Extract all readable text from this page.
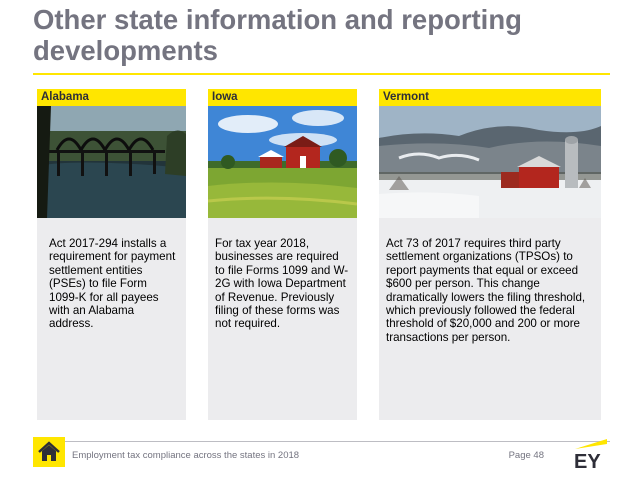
Other state information and reporting developments
Alabama

Act 2017-294 installs a requirement for payment settlement entities (PSEs) to file Form 1099-K for all payees with an Alabama address.

Iowa

For tax year 2018, businesses are required to file Forms 1099 and W-2G with Iowa Department of Revenue. Previously filing of these forms was not required.

Vermont

Act 73 of 2017 requires third party settlement organizations (TPSOs) to report payments that equal or exceed $600 per person. This change dramatically lowers the filing threshold, which previously followed the federal threshold of $20,000 and 200 or more transactions per person.

Employment tax compliance across the states in 2018	Page 48 EY
